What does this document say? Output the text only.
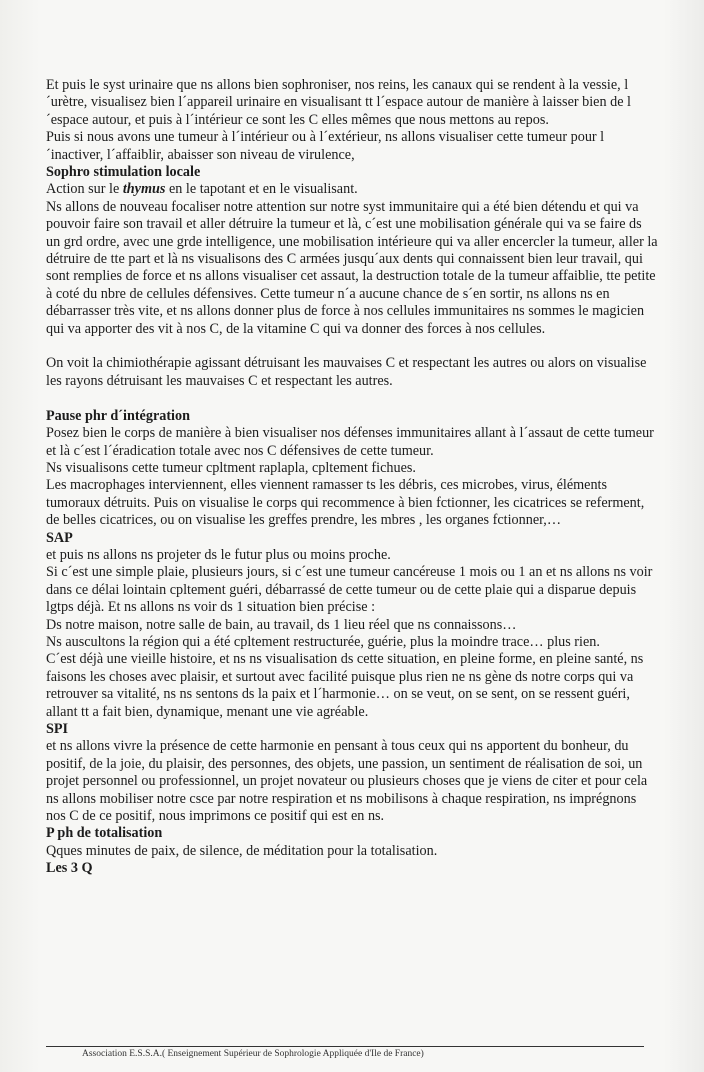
Et puis le syst urinaire que ns allons bien sophroniser, nos reins, les canaux qui se rendent à la vessie, l´urètre, visualisez bien l´appareil urinaire en visualisant tt l´espace autour de manière à laisser bien de l´espace autour, et puis à l´intérieur ce sont les C elles mêmes que nous mettons au repos.

Puis si nous avons une tumeur à l´intérieur ou à l´extérieur, ns allons visualiser cette tumeur pour l´inactiver, l´affaiblir, abaisser son niveau de virulence,

Sophro stimulation locale

Action sur le thymus en le tapotant et en le visualisant.

Ns allons de nouveau focaliser notre attention sur notre syst immunitaire qui a été bien détendu et qui va pouvoir faire son travail et aller détruire la tumeur et là, c´est une mobilisation générale qui va se faire ds un grd ordre, avec une grde intelligence, une mobilisation intérieure qui va aller encercler la tumeur, aller la détruire de tte part et là ns visualisons des C armées jusqu´aux dents qui connaissent bien leur travail, qui sont remplies de force et ns allons visualiser cet assaut, la destruction totale de la tumeur affaiblie, tte petite à coté du nbre de cellules défensives. Cette tumeur n´a aucune chance de s´en sortir, ns allons ns en débarrasser très vite, et ns allons donner plus de force à nos cellules immunitaires ns sommes le magicien qui va apporter des vit à nos C, de la vitamine C qui va donner des forces à nos cellules.

On voit la chimiothérapie agissant détruisant les mauvaises C et respectant les autres ou alors on visualise les rayons détruisant les mauvaises C et respectant les autres.

Pause phr d´intégration

Posez bien le corps de manière à bien visualiser nos défenses immunitaires allant à l´assaut de cette tumeur et là c´est l´éradication totale avec nos C défensives de cette tumeur.

Ns visualisons cette tumeur cpltment raplapla, cpltement fichues.

Les macrophages interviennent, elles viennent ramasser ts les débris, ces microbes, virus, éléments tumoraux détruits. Puis on visualise le corps qui recommence à bien fctionner, les cicatrices se referment, de belles cicatrices, ou on visualise les greffes prendre, les mbres , les organes fctionner,…

SAP

et puis ns allons ns projeter ds le futur plus ou moins proche.

Si c´est une simple plaie, plusieurs jours, si c´est une tumeur cancéreuse 1 mois ou 1 an et ns allons ns voir dans ce délai lointain cpltement guéri, débarrassé de cette tumeur ou de cette plaie qui a disparue depuis lgtps déjà. Et ns allons ns voir ds 1 situation bien précise :

Ds notre maison, notre salle de bain, au travail, ds 1 lieu réel que ns connaissons…

Ns auscultons la région qui a été cpltement restructurée, guérie, plus la moindre trace… plus rien.

C´est déjà une vieille histoire, et ns ns visualisation ds cette situation, en pleine forme, en pleine santé, ns faisons les choses avec plaisir, et surtout avec facilité puisque plus rien ne ns gène ds notre corps qui va retrouver sa vitalité, ns ns sentons ds la paix et l´harmonie… on se veut, on se sent, on se ressent guéri, allant tt a fait bien, dynamique, menant une vie agréable.

SPI

et ns allons vivre la présence de cette harmonie en pensant à tous ceux qui ns apportent du bonheur, du positif, de la joie, du plaisir, des personnes, des objets, une passion, un sentiment de réalisation de soi, un projet personnel ou professionnel, un projet novateur ou plusieurs choses que je viens de citer et pour cela ns allons mobiliser notre csce par notre respiration et ns mobilisons à chaque respiration, ns imprégnons nos C de ce positif, nous imprimons ce positif qui est en ns.

P ph de totalisation

Qques minutes de paix, de silence, de méditation pour la totalisation.

Les 3 Q

Association E.S.S.A.( Enseignement Supérieur de Sophrologie Appliquée d'Ile de France)
